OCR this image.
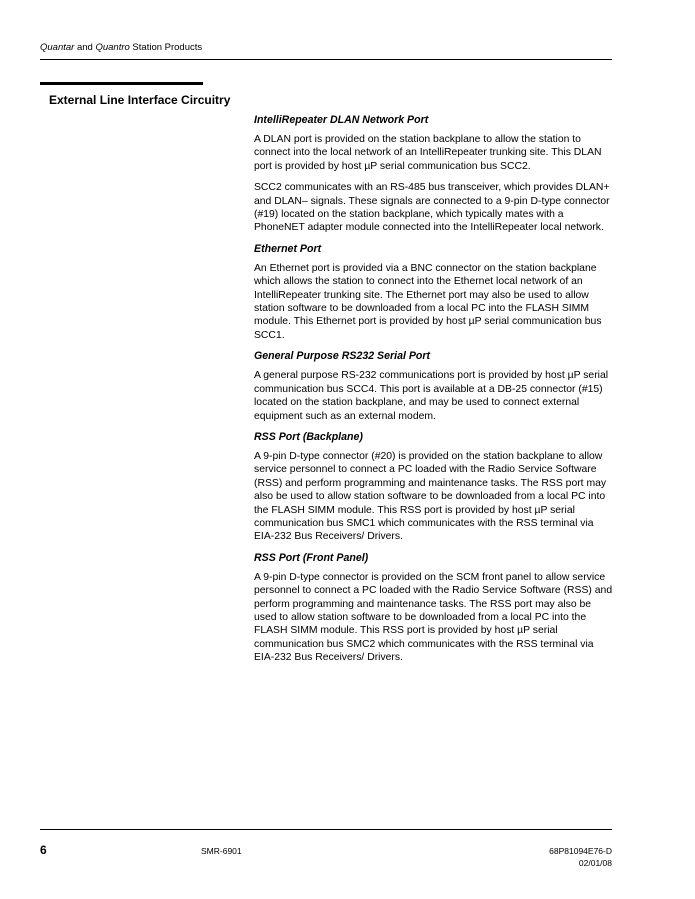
Quantar and Quantro Station Products
External Line Interface Circuitry
IntelliRepeater DLAN Network Port

A DLAN port is provided on the station backplane to allow the station to connect into the local network of an IntelliRepeater trunking site. This DLAN port is provided by host µP serial communication bus SCC2.

SCC2 communicates with an RS-485 bus transceiver, which provides DLAN+ and DLAN– signals. These signals are connected to a 9-pin D-type connector (#19) located on the station backplane, which typically mates with a PhoneNET adapter module connected into the IntelliRepeater local network.

Ethernet Port

An Ethernet port is provided via a BNC connector on the station backplane which allows the station to connect into the Ethernet local network of an IntelliRepeater trunking site. The Ethernet port may also be used to allow station software to be downloaded from a local PC into the FLASH SIMM module. This Ethernet port is provided by host µP serial communication bus SCC1.

General Purpose RS232 Serial Port

A general purpose RS-232 communications port is provided by host µP serial communication bus SCC4. This port is available at a DB-25 connector (#15) located on the station backplane, and may be used to connect external equipment such as an external modem.

RSS Port (Backplane)

A 9-pin D-type connector (#20) is provided on the station backplane to allow service personnel to connect a PC loaded with the Radio Service Software (RSS) and perform programming and maintenance tasks. The RSS port may also be used to allow station software to be downloaded from a local PC into the FLASH SIMM module. This RSS port is provided by host µP serial communication bus SMC1 which communicates with the RSS terminal via EIA-232 Bus Receivers/ Drivers.

RSS Port (Front Panel)

A 9-pin D-type connector is provided on the SCM front panel to allow service personnel to connect a PC loaded with the Radio Service Software (RSS) and perform programming and maintenance tasks. The RSS port may also be used to allow station software to be downloaded from a local PC into the FLASH SIMM module. This RSS port is provided by host µP serial communication bus SMC2 which communicates with the RSS terminal via EIA-232 Bus Receivers/ Drivers.

6	SMR-6901	68P81094E76-D
02/01/08
